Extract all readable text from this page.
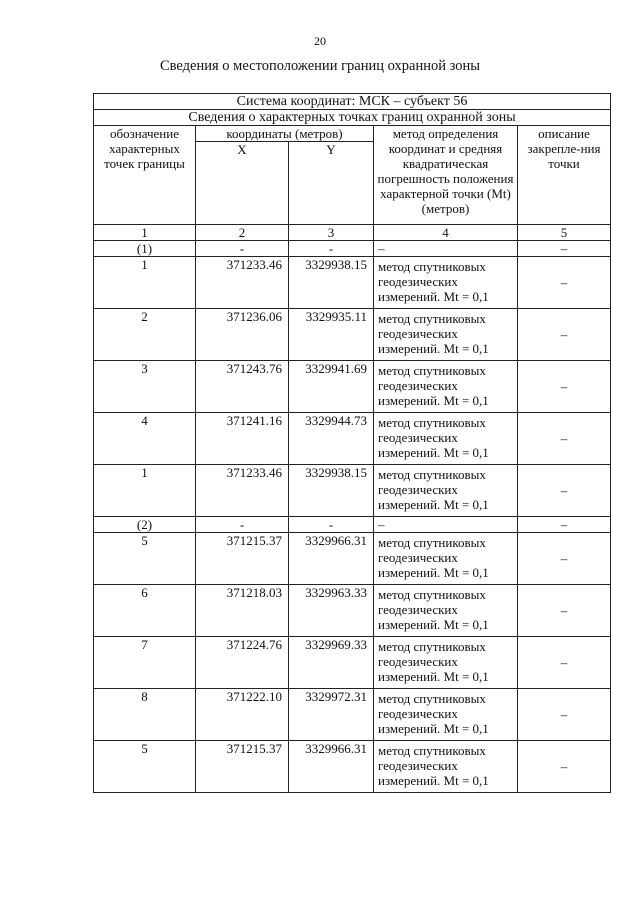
20
Сведения о местоположении границ охранной зоны
Система координат: МСК – субъект 56				
Сведения о характерных точках границ охранной зоны				
обозначение характерных точек границы	координаты (метров)		метод определения координат и средняя квадратическая погрешность положения характерной точки (Mt) (метров)	описание закрепле-ния точки
	X	Y		
1	2	3	4	5
(1)	-	-	–	–
1	371233.46	3329938.15	метод спутниковых геодезических измерений. Mt = 0,1	–
2	371236.06	3329935.11	метод спутниковых геодезических измерений. Mt = 0,1	–
3	371243.76	3329941.69	метод спутниковых геодезических измерений. Mt = 0,1	–
4	371241.16	3329944.73	метод спутниковых геодезических измерений. Mt = 0,1	–
1	371233.46	3329938.15	метод спутниковых геодезических измерений. Mt = 0,1	–
(2)	-	-	–	–
5	371215.37	3329966.31	метод спутниковых геодезических измерений. Mt = 0,1	–
6	371218.03	3329963.33	метод спутниковых геодезических измерений. Mt = 0,1	–
7	371224.76	3329969.33	метод спутниковых геодезических измерений. Mt = 0,1	–
8	371222.10	3329972.31	метод спутниковых геодезических измерений. Mt = 0,1	–
5	371215.37	3329966.31	метод спутниковых геодезических измерений. Mt = 0,1	–
